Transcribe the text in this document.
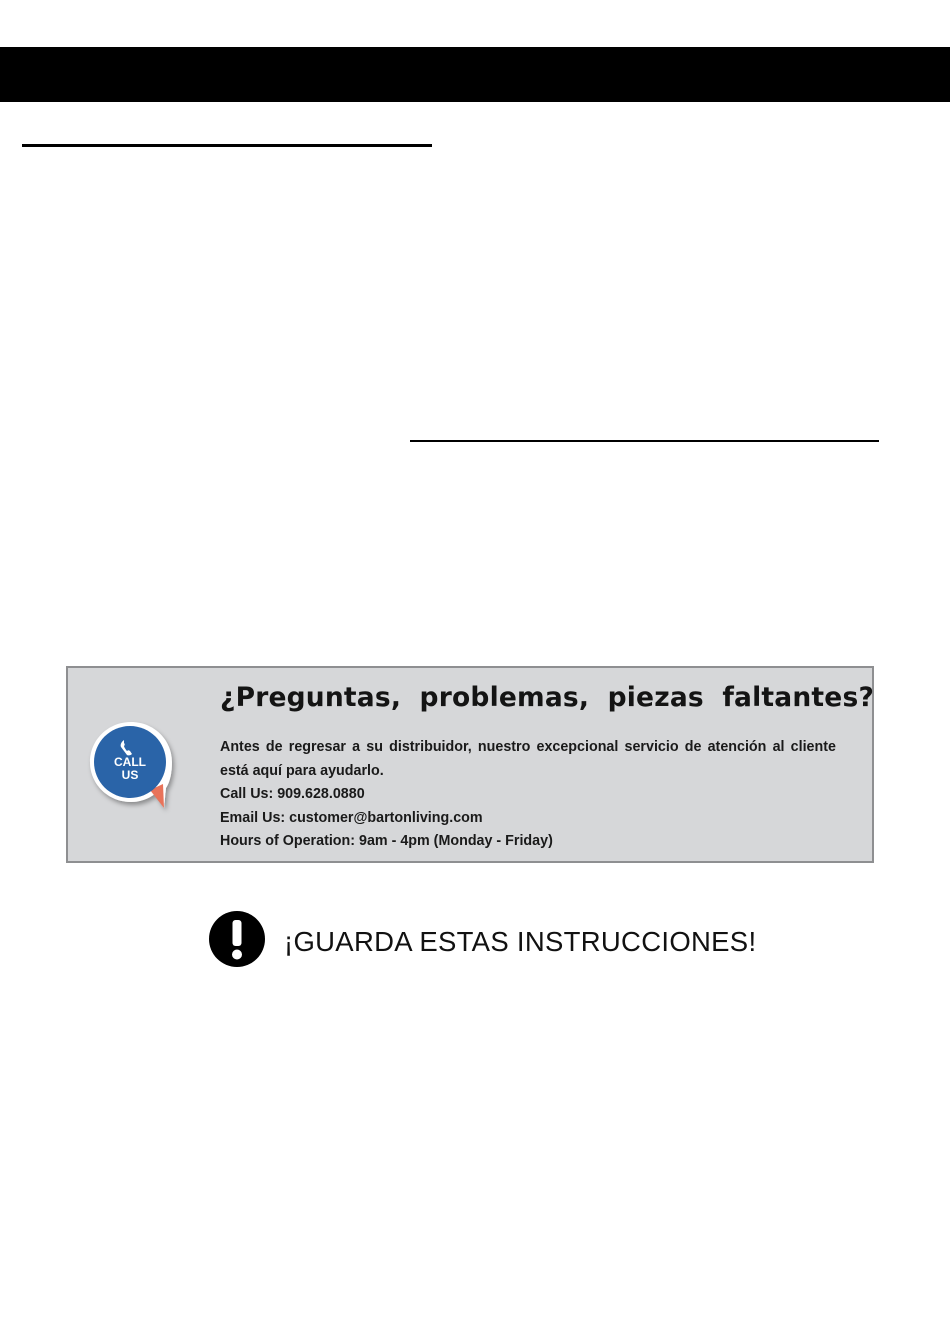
CALL
US
¿Preguntas, problemas, piezas faltantes?
Antes de regresar a su distribuidor, nuestro excepcional servicio de atención al cliente
está aquí para ayudarlo.
Call Us: 909.628.0880
Email Us: customer@bartonliving.com
Hours of Operation: 9am - 4pm (Monday - Friday)
¡GUARDA ESTAS INSTRUCCIONES!
